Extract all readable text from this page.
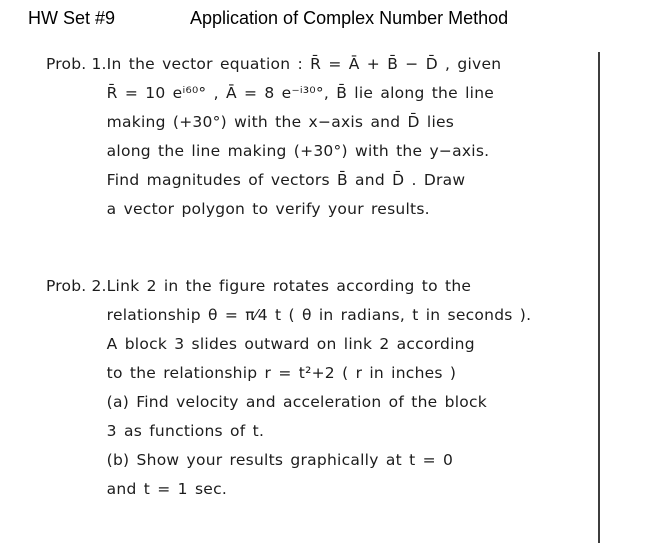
HW Set #9	Application of Complex Number Method
Prob. 1. In the vector equation : R̄ = Ā + B̄ − D̄ , given
R̄ = 10 eⁱ⁶⁰° , Ā = 8 e⁻ⁱ³⁰°, B̄ lie along the line
making (+30°) with the x−axis and D̄ lies
along the line making (+30°) with the y−axis.
Find magnitudes of vectors B̄ and D̄ . Draw
a vector polygon to verify your results.
Prob. 2. Link 2 in the figure rotates according to the
relationship θ = π⁄4 t ( θ in radians, t in seconds ).
A block 3 slides outward on link 2 according
to the relationship r = t²+2 ( r in inches )
(a) Find velocity and acceleration of the block
3 as functions of t.
(b) Show your results graphically at t = 0
and t = 1 sec.
